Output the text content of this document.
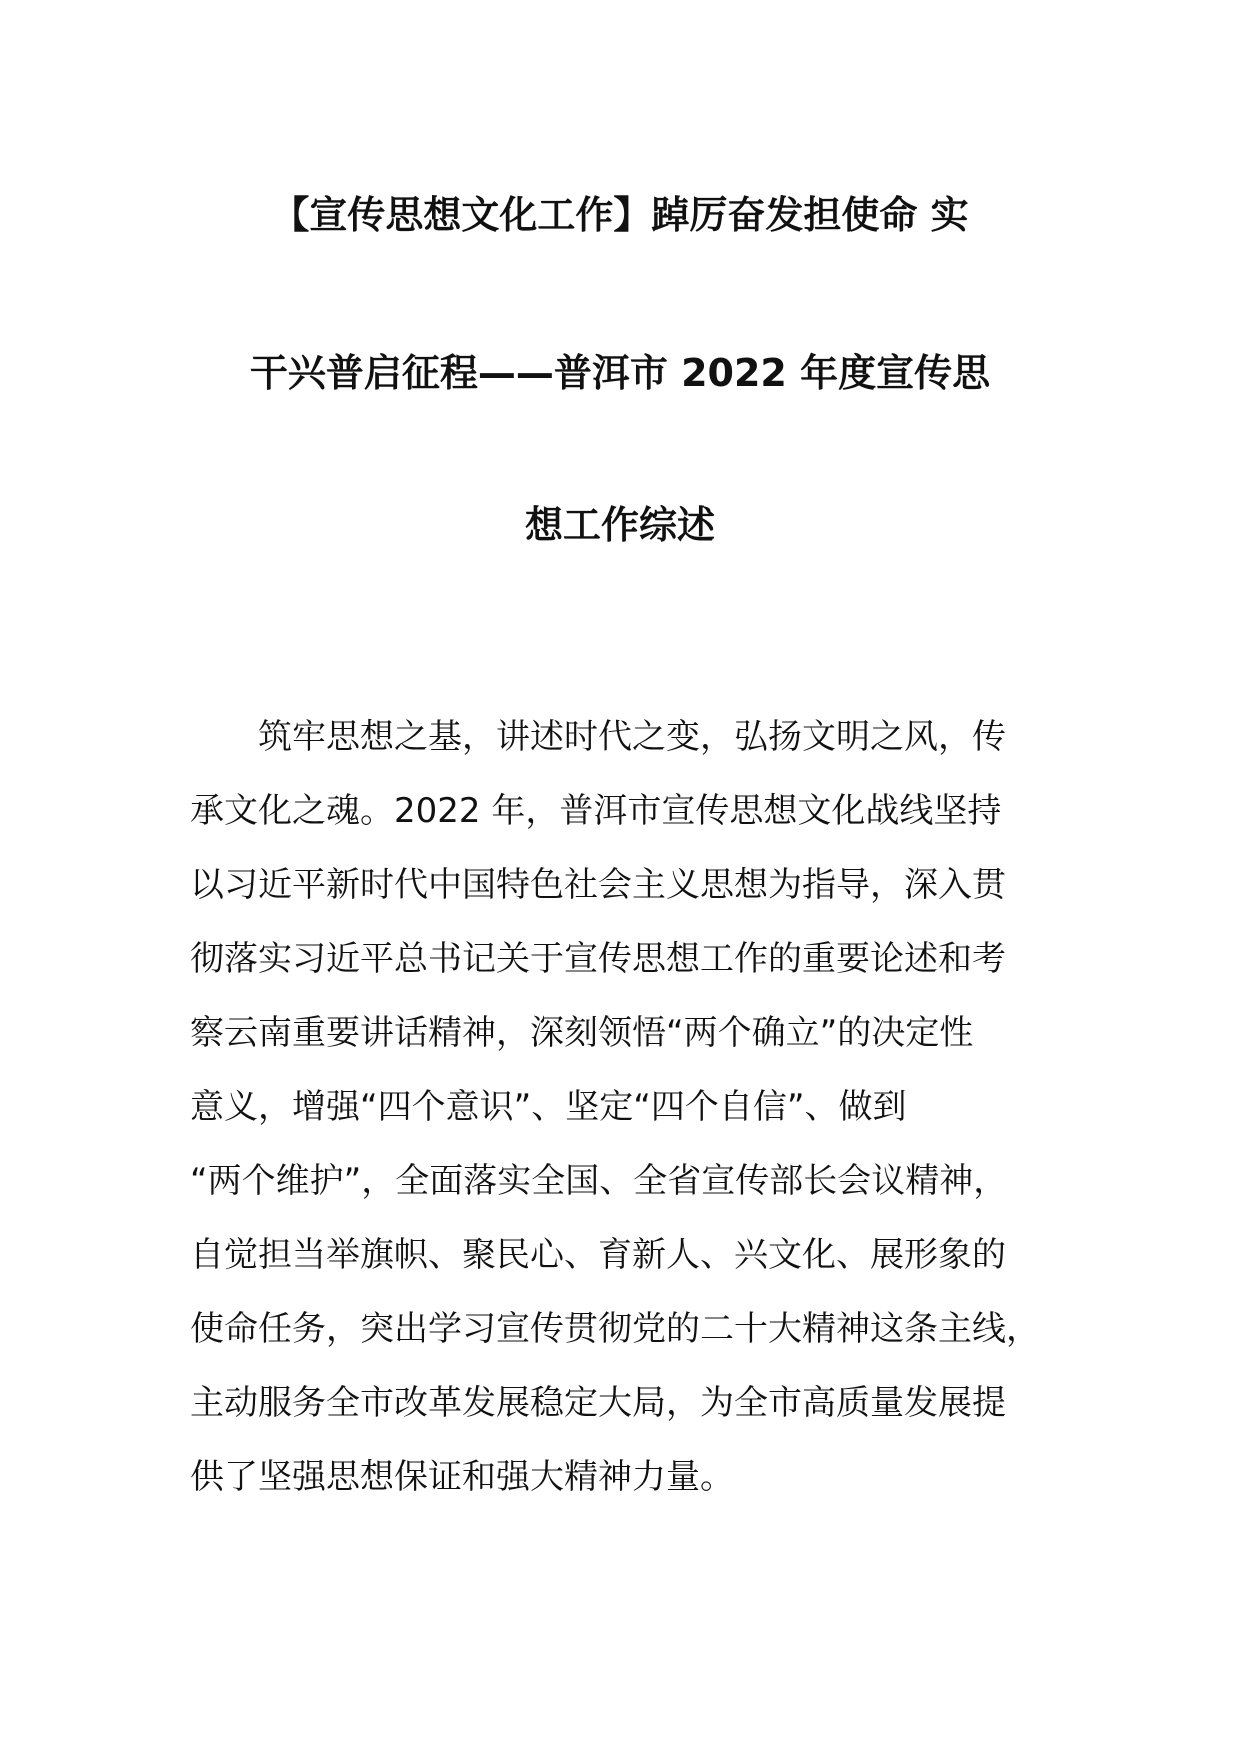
【宣传思想文化工作】踔厉奋发担使命 实
干兴普启征程——普洱市 2022 年度宣传思
想工作综述
筑牢思想之基，讲述时代之变，弘扬文明之风，传
承文化之魂。2022 年，普洱市宣传思想文化战线坚持
以习近平新时代中国特色社会主义思想为指导，深入贯
彻落实习近平总书记关于宣传思想工作的重要论述和考
察云南重要讲话精神，深刻领悟“两个确立”的决定性
意义，增强“四个意识”、坚定“四个自信”、做到
“两个维护”，全面落实全国、全省宣传部长会议精神，
自觉担当举旗帜、聚民心、育新人、兴文化、展形象的
使命任务，突出学习宣传贯彻党的二十大精神这条主线，
主动服务全市改革发展稳定大局，为全市高质量发展提
供了坚强思想保证和强大精神力量。
